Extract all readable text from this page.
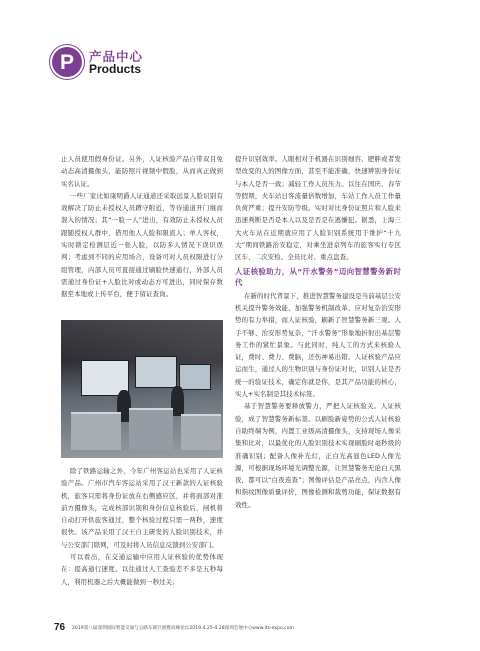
P 产品中心
Products

止人员使用假身份证。另外，人证核验产品自带双目免动态高清摄像头，能防照片视频中假脸，从而真正做到实名认证。

一些厂家比如康明爵人证通道还采取远景人脸识别有效解决了防止未授权人员蹲守附近，等待通道开门继而混入的情况；其“一脸一人”进出，有效防止未授权人员跟随授权人群中，借用他人人脸和限流人；单人客权，实时锁定检测层近一张人脸，以防多人情况下误识误判；考虑到不同的应用场合，设备可对人员权限进行分组管理，内部人员可直接通过刷脸快速通行，外部人员需通过身份证+人脸比对或动态方可进出，同时保存数据至本地或上传平台，便于留证查询。

除了铁路运输之外，今年广州客运站也采用了人证核验产品。广州市汽车客运站采用了汉王新款的人证核验机，旅客只需将身份证放在右侧感应区，并将面部对准前方摄像头，完成核部识别和身份信息核验后，闸机将自动打开供旅客通过，整个核验过程只需一两秒，速度很快。该产品采用了汉王自主研发的人脸识别技术，并与公安部门联网，可及时将人员信息反馈到公安部门。

可以看出，在交通运输中应用人证核验的优势体现在：提高通行速度。以往通过人工查验差不多是五秒每人，利用机器之后大概能做到一秒过关；

提升识别效率。人眼相对于机器在识别细容、肥胖或者发型改变的人的图像方面，甚至不能准确，快速辨别身份证与本人是否一致；减轻工作人员压力。以往在国庆、春节等假期，火车站日客流量倍数增加，车站工作人员工作量负荷严重；提升安防等级。实时对比身份证照片和人脸来迅速判断是否是本人以及是否是在逃嫌犯。据悉，上海三大火车站在近期就应用了人脸识别系统用于维护“十九大”期间铁路治安稳定，对乘坐进京列车的旅客实行专区区车、二次安检、全员比对、重点盘查。

人证核验助力，从“汗水警务”迈向智慧警务新时代

在新的时代背景下，推进智慧警务建设是当前基层公安机关提升警务效能、加强警务机制改革、应对复杂治安形势的有力举措，而人证核验，刷新了智慧警务新三观。人手不够、治安形势复杂，“汗水警务”形象地折射出基层警务工作的紧忙景象。与此同时，纯人工的方式来核验人证，费时、费力、费脑，还伤神易出错。人证核验产品应运而生，通过人的生物识别与身份证对比，识别人证是否统一的验证技术，确定你就是你，是其产品功能的核心，实人+实名制是其技术标签。

基于智慧警务要释放警力，严把人证核验关。人证核验，成了智慧警务新标签。以刷脸新姿势的公式人证核验自助终端为例，内置工业级高清摄像头，支持现场人像采集和比对，以最优化的人脸识别技术实现刷脸时毫秒级的准确识别；配备人像补光灯，正白光高显色LED人像光源，可根据现场环境光调整光源，让智慧警务无论白天黑夜，都可以“白夜连查”；图像评估是产品亮点，内含人像和指纹图像质量评价，图像检测和裁剪功能，保证数据有效性。

76 2019第八届深圳国际智能交通与公路车联巨展暨高峰论坛2019.4.25-4.28深圳会展中心www.its-expo.com
